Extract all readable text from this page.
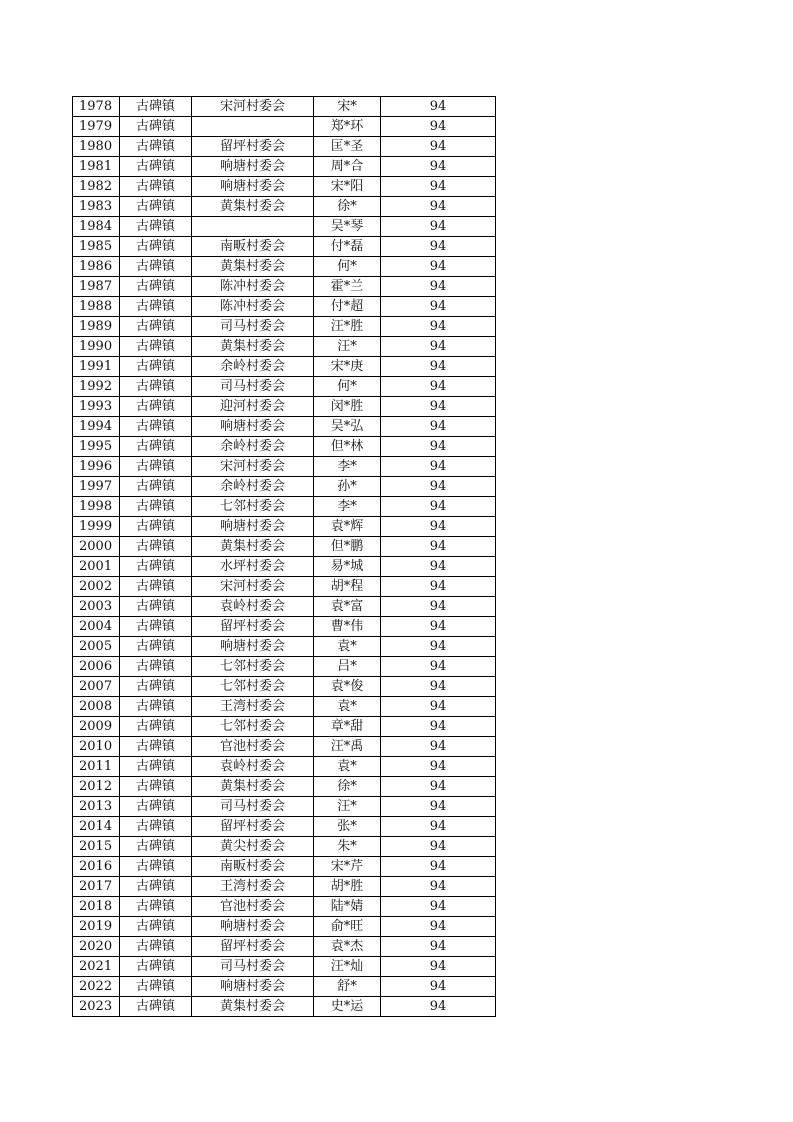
1978	古碑镇	宋河村委会	宋*	94
1979	古碑镇		郑*环	94
1980	古碑镇	留坪村委会	匡*圣	94
1981	古碑镇	响塘村委会	周*合	94
1982	古碑镇	响塘村委会	宋*阳	94
1983	古碑镇	黄集村委会	徐*	94
1984	古碑镇		吴*琴	94
1985	古碑镇	南畈村委会	付*磊	94
1986	古碑镇	黄集村委会	何*	94
1987	古碑镇	陈冲村委会	霍*兰	94
1988	古碑镇	陈冲村委会	付*超	94
1989	古碑镇	司马村委会	汪*胜	94
1990	古碑镇	黄集村委会	汪*	94
1991	古碑镇	余岭村委会	宋*庚	94
1992	古碑镇	司马村委会	何*	94
1993	古碑镇	迎河村委会	闵*胜	94
1994	古碑镇	响塘村委会	吴*弘	94
1995	古碑镇	余岭村委会	但*林	94
1996	古碑镇	宋河村委会	李*	94
1997	古碑镇	余岭村委会	孙*	94
1998	古碑镇	七邻村委会	李*	94
1999	古碑镇	响塘村委会	袁*辉	94
2000	古碑镇	黄集村委会	但*鹏	94
2001	古碑镇	水坪村委会	易*城	94
2002	古碑镇	宋河村委会	胡*程	94
2003	古碑镇	袁岭村委会	袁*富	94
2004	古碑镇	留坪村委会	曹*伟	94
2005	古碑镇	响塘村委会	袁*	94
2006	古碑镇	七邻村委会	吕*	94
2007	古碑镇	七邻村委会	袁*俊	94
2008	古碑镇	王湾村委会	袁*	94
2009	古碑镇	七邻村委会	章*甜	94
2010	古碑镇	官池村委会	汪*禹	94
2011	古碑镇	袁岭村委会	袁*	94
2012	古碑镇	黄集村委会	徐*	94
2013	古碑镇	司马村委会	汪*	94
2014	古碑镇	留坪村委会	张*	94
2015	古碑镇	黄尖村委会	朱*	94
2016	古碑镇	南畈村委会	宋*芹	94
2017	古碑镇	王湾村委会	胡*胜	94
2018	古碑镇	官池村委会	陆*婧	94
2019	古碑镇	响塘村委会	俞*旺	94
2020	古碑镇	留坪村委会	袁*杰	94
2021	古碑镇	司马村委会	汪*灿	94
2022	古碑镇	响塘村委会	舒*	94
2023	古碑镇	黄集村委会	史*运	94
